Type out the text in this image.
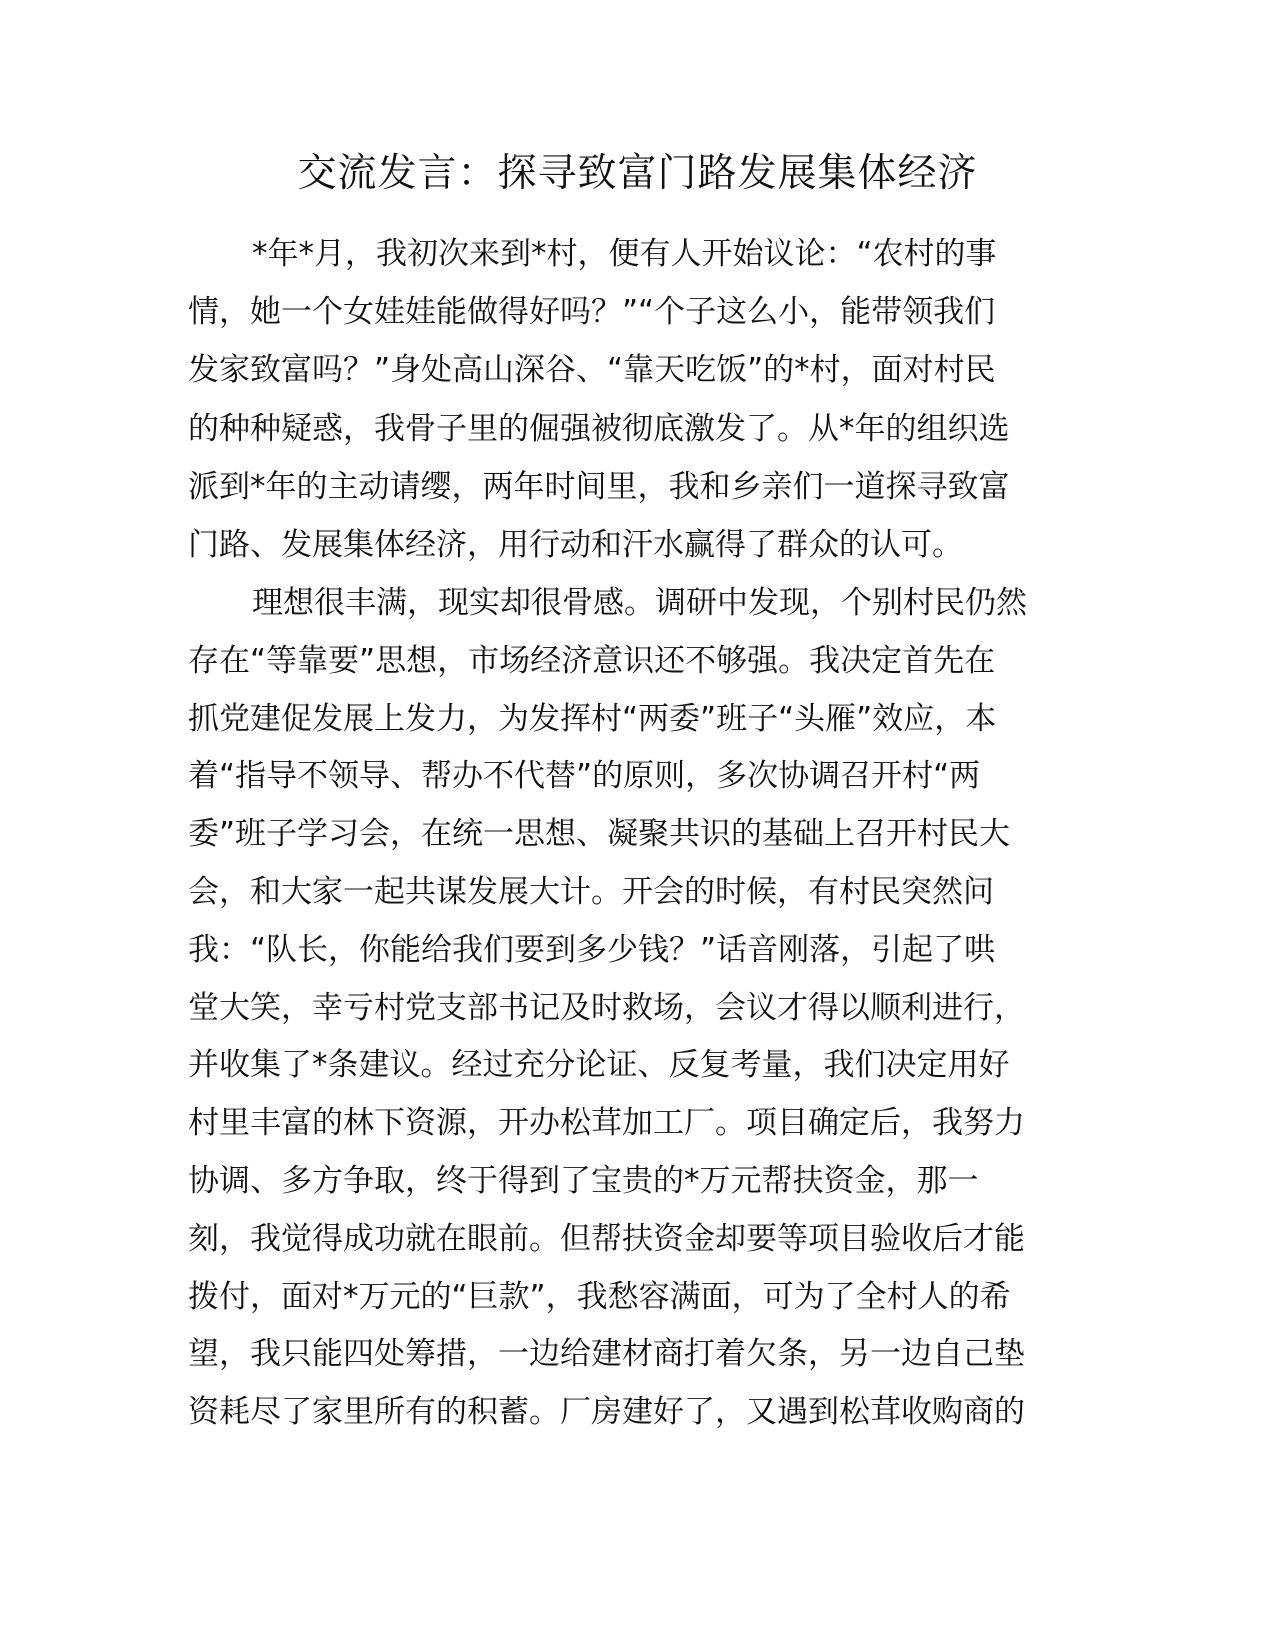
交流发言：探寻致富门路发展集体经济
*年*月，我初次来到*村，便有人开始议论：“农村的事
情，她一个女娃娃能做得好吗？”“个子这么小，能带领我们
发家致富吗？”身处高山深谷、“靠天吃饭”的*村，面对村民
的种种疑惑，我骨子里的倔强被彻底激发了。从*年的组织选
派到*年的主动请缨，两年时间里，我和乡亲们一道探寻致富
门路、发展集体经济，用行动和汗水赢得了群众的认可。
理想很丰满，现实却很骨感。调研中发现，个别村民仍然
存在“等靠要”思想，市场经济意识还不够强。我决定首先在
抓党建促发展上发力，为发挥村“两委”班子“头雁”效应，本
着“指导不领导、帮办不代替”的原则，多次协调召开村“两
委”班子学习会，在统一思想、凝聚共识的基础上召开村民大
会，和大家一起共谋发展大计。开会的时候，有村民突然问
我：“队长，你能给我们要到多少钱？”话音刚落，引起了哄
堂大笑，幸亏村党支部书记及时救场，会议才得以顺利进行，
并收集了*条建议。经过充分论证、反复考量，我们决定用好
村里丰富的林下资源，开办松茸加工厂。项目确定后，我努力
协调、多方争取，终于得到了宝贵的*万元帮扶资金，那一
刻，我觉得成功就在眼前。但帮扶资金却要等项目验收后才能
拨付，面对*万元的“巨款”，我愁容满面，可为了全村人的希
望，我只能四处筹措，一边给建材商打着欠条，另一边自己垫
资耗尽了家里所有的积蓄。厂房建好了，又遇到松茸收购商的
